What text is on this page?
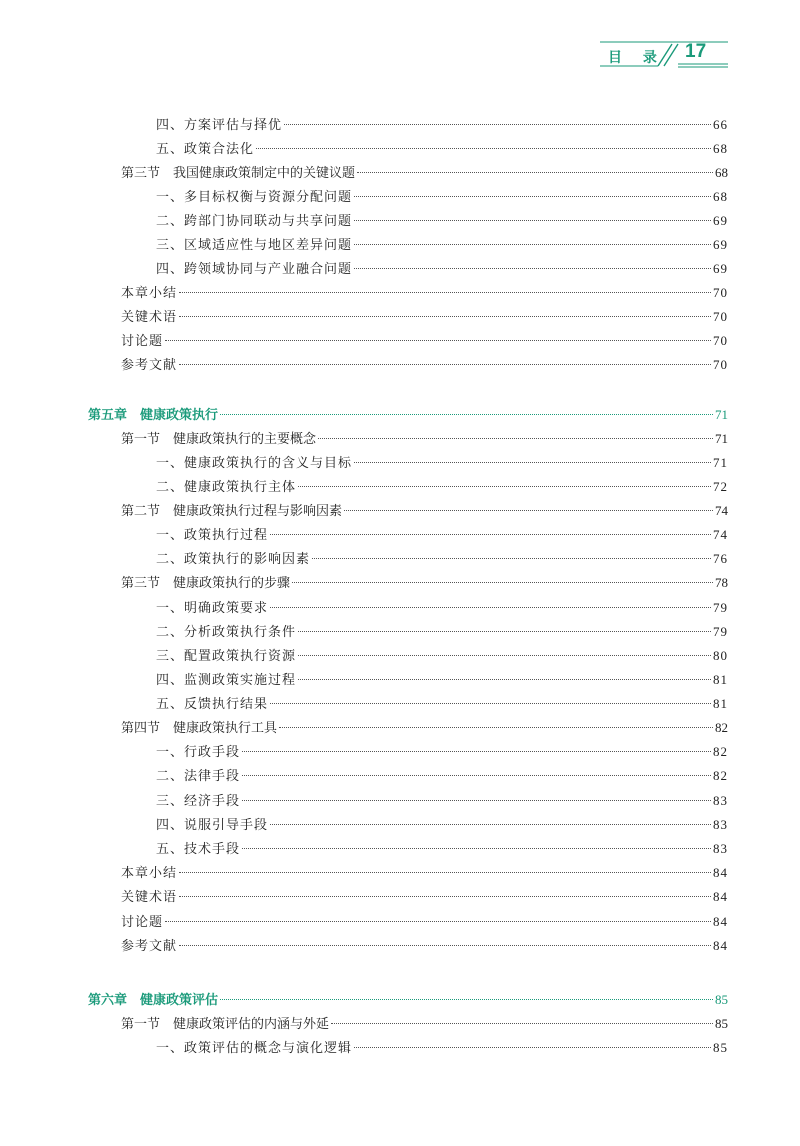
目 录 17
四、方案评估与择优	66
五、政策合法化	68
第三节　我国健康政策制定中的关键议题	68
一、多目标权衡与资源分配问题	68
二、跨部门协同联动与共享问题	69
三、区域适应性与地区差异问题	69
四、跨领域协同与产业融合问题	69
本章小结	70
关键术语	70
讨论题	70
参考文献	70
第五章　健康政策执行	71
第一节　健康政策执行的主要概念	71
一、健康政策执行的含义与目标	71
二、健康政策执行主体	72
第二节　健康政策执行过程与影响因素	74
一、政策执行过程	74
二、政策执行的影响因素	76
第三节　健康政策执行的步骤	78
一、明确政策要求	79
二、分析政策执行条件	79
三、配置政策执行资源	80
四、监测政策实施过程	81
五、反馈执行结果	81
第四节　健康政策执行工具	82
一、行政手段	82
二、法律手段	82
三、经济手段	83
四、说服引导手段	83
五、技术手段	83
本章小结	84
关键术语	84
讨论题	84
参考文献	84
第六章　健康政策评估	85
第一节　健康政策评估的内涵与外延	85
一、政策评估的概念与演化逻辑	85
